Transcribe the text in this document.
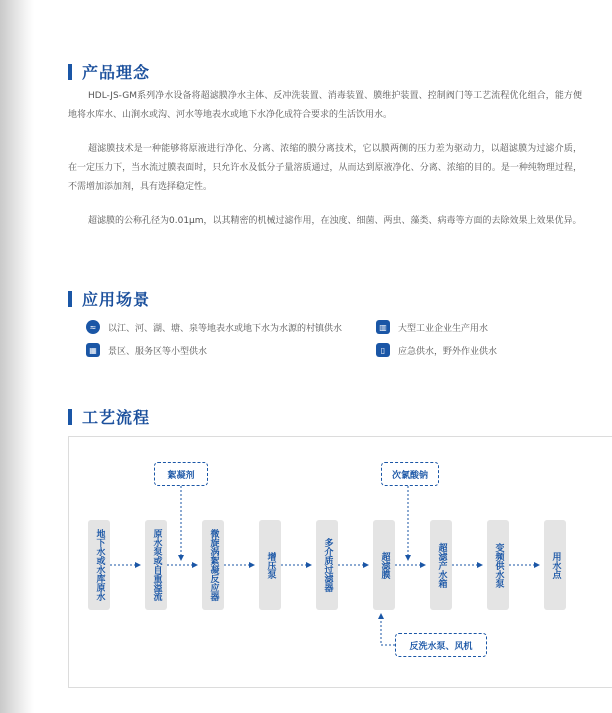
产品理念

HDL-JS-GM系列净水设备将超滤膜净水主体、反冲洗装置、消毒装置、膜维护装置、控制阀门等工艺流程优化组合，能方便地将水库水、山涧水或沟、河水等地表水或地下水净化成符合要求的生活饮用水。

超滤膜技术是一种能够将原液进行净化、分离、浓缩的膜分离技术，它以膜两侧的压力差为驱动力，以超滤膜为过滤介质，在一定压力下，当水流过膜表面时，只允许水及低分子量溶质通过，从而达到原液净化、分离、浓缩的目的。是一种纯物理过程，不需增加添加剂，具有选择稳定性。

超滤膜的公称孔径为0.01μm，以其精密的机械过滤作用，在浊度、细菌、两虫、藻类、病毒等方面的去除效果上效果优异。

应用场景
≈	以江、河、湖、塘、泉等地表水或地下水为水源的村镇供水	▥	大型工业企业生产用水
▦	景区、服务区等小型供水	▯	应急供水，野外作业供水
工艺流程
絮凝剂	次氯酸钠
反洗水泵、风机
地下水或水库原水	原水泵或自重溢流	微旋涡絮凝反应器	增压泵	多介质过滤器	超滤膜	超滤产水箱	变频供水泵	用水点
